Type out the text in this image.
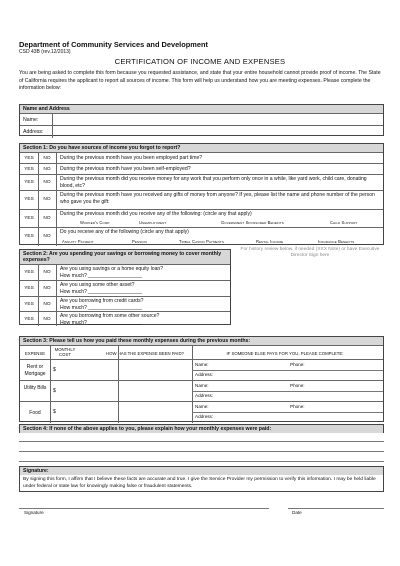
Department of Community Services and Development
CSD 43B (rev.12/2013)
CERTIFICATION OF INCOME AND EXPENSES
You are being asked to complete this form because you requested assistance, and state that your entire household cannot provide proof of income. The State of California requires the applicant to report all sources of income. This form will help us understand how you are meeting expenses. Please complete the information below:
Name and Address
Name:
Address:
Section 1: Do you have sources of income you forgot to report?
YES	NO	During the previous month have you been employed part time?
YES	NO	During the previous month have you been self-employed?
YES	NO
During the previous month did you receive money for any work that you perform only once in a while, like yard work, child care, donating blood, etc?
YES	NO
During the previous month have you received any gifts of money from anyone? If yes, please list the name and phone number of the person who gave you the gift:
YES	NO
During the previous month did you receive any of the following: (circle any that apply)
Worker's Comp	Unemployment	Government Sponsored Benefits	Child Support
YES	NO
Do you receive any of the following (circle any that apply)
Annuity Payment	Pension	Tribal Casino Payments	Rental Income	Insurance Benefits
Section 2: Are you spending your savings or borrowing money to cover monthly expenses?
YES	NO
Are you using savings or a home equity loan?
How much? ___________________
YES	NO
Are you using some other asset?
How much? ___________________
YES	NO
Are you borrowing from credit cards?
How much? ___________________
YES	NO
Are you borrowing from some other source?
How much? ___________________
For history review below, if needed (XXX Note) or have Executive Director Sign here
Section 3: Please tell us how you paid these monthly expenses during the previous months:
EXPENSE
MONTHLY COST	HOW HAS THE EXPENSE BEEN PAID?	IF SOMEONE ELSE PAYS FOR YOU, PLEASE COMPLETE:
Rent or Mortgage
$
Name:	Phone:
Address:
Utility Bills	$
Name:	Phone:
Address:
Food	$
Name:	Phone:
Address:
Section 4: If none of the above applies to you, please explain how your monthly expenses were paid:
Signature:
By signing this form, I affirm that I believe these facts are accurate and true. I give the Service Provider my permission to verify this information. I may be held liable under federal or state law for knowingly making false or fraudulent statements.
Signature	Date
